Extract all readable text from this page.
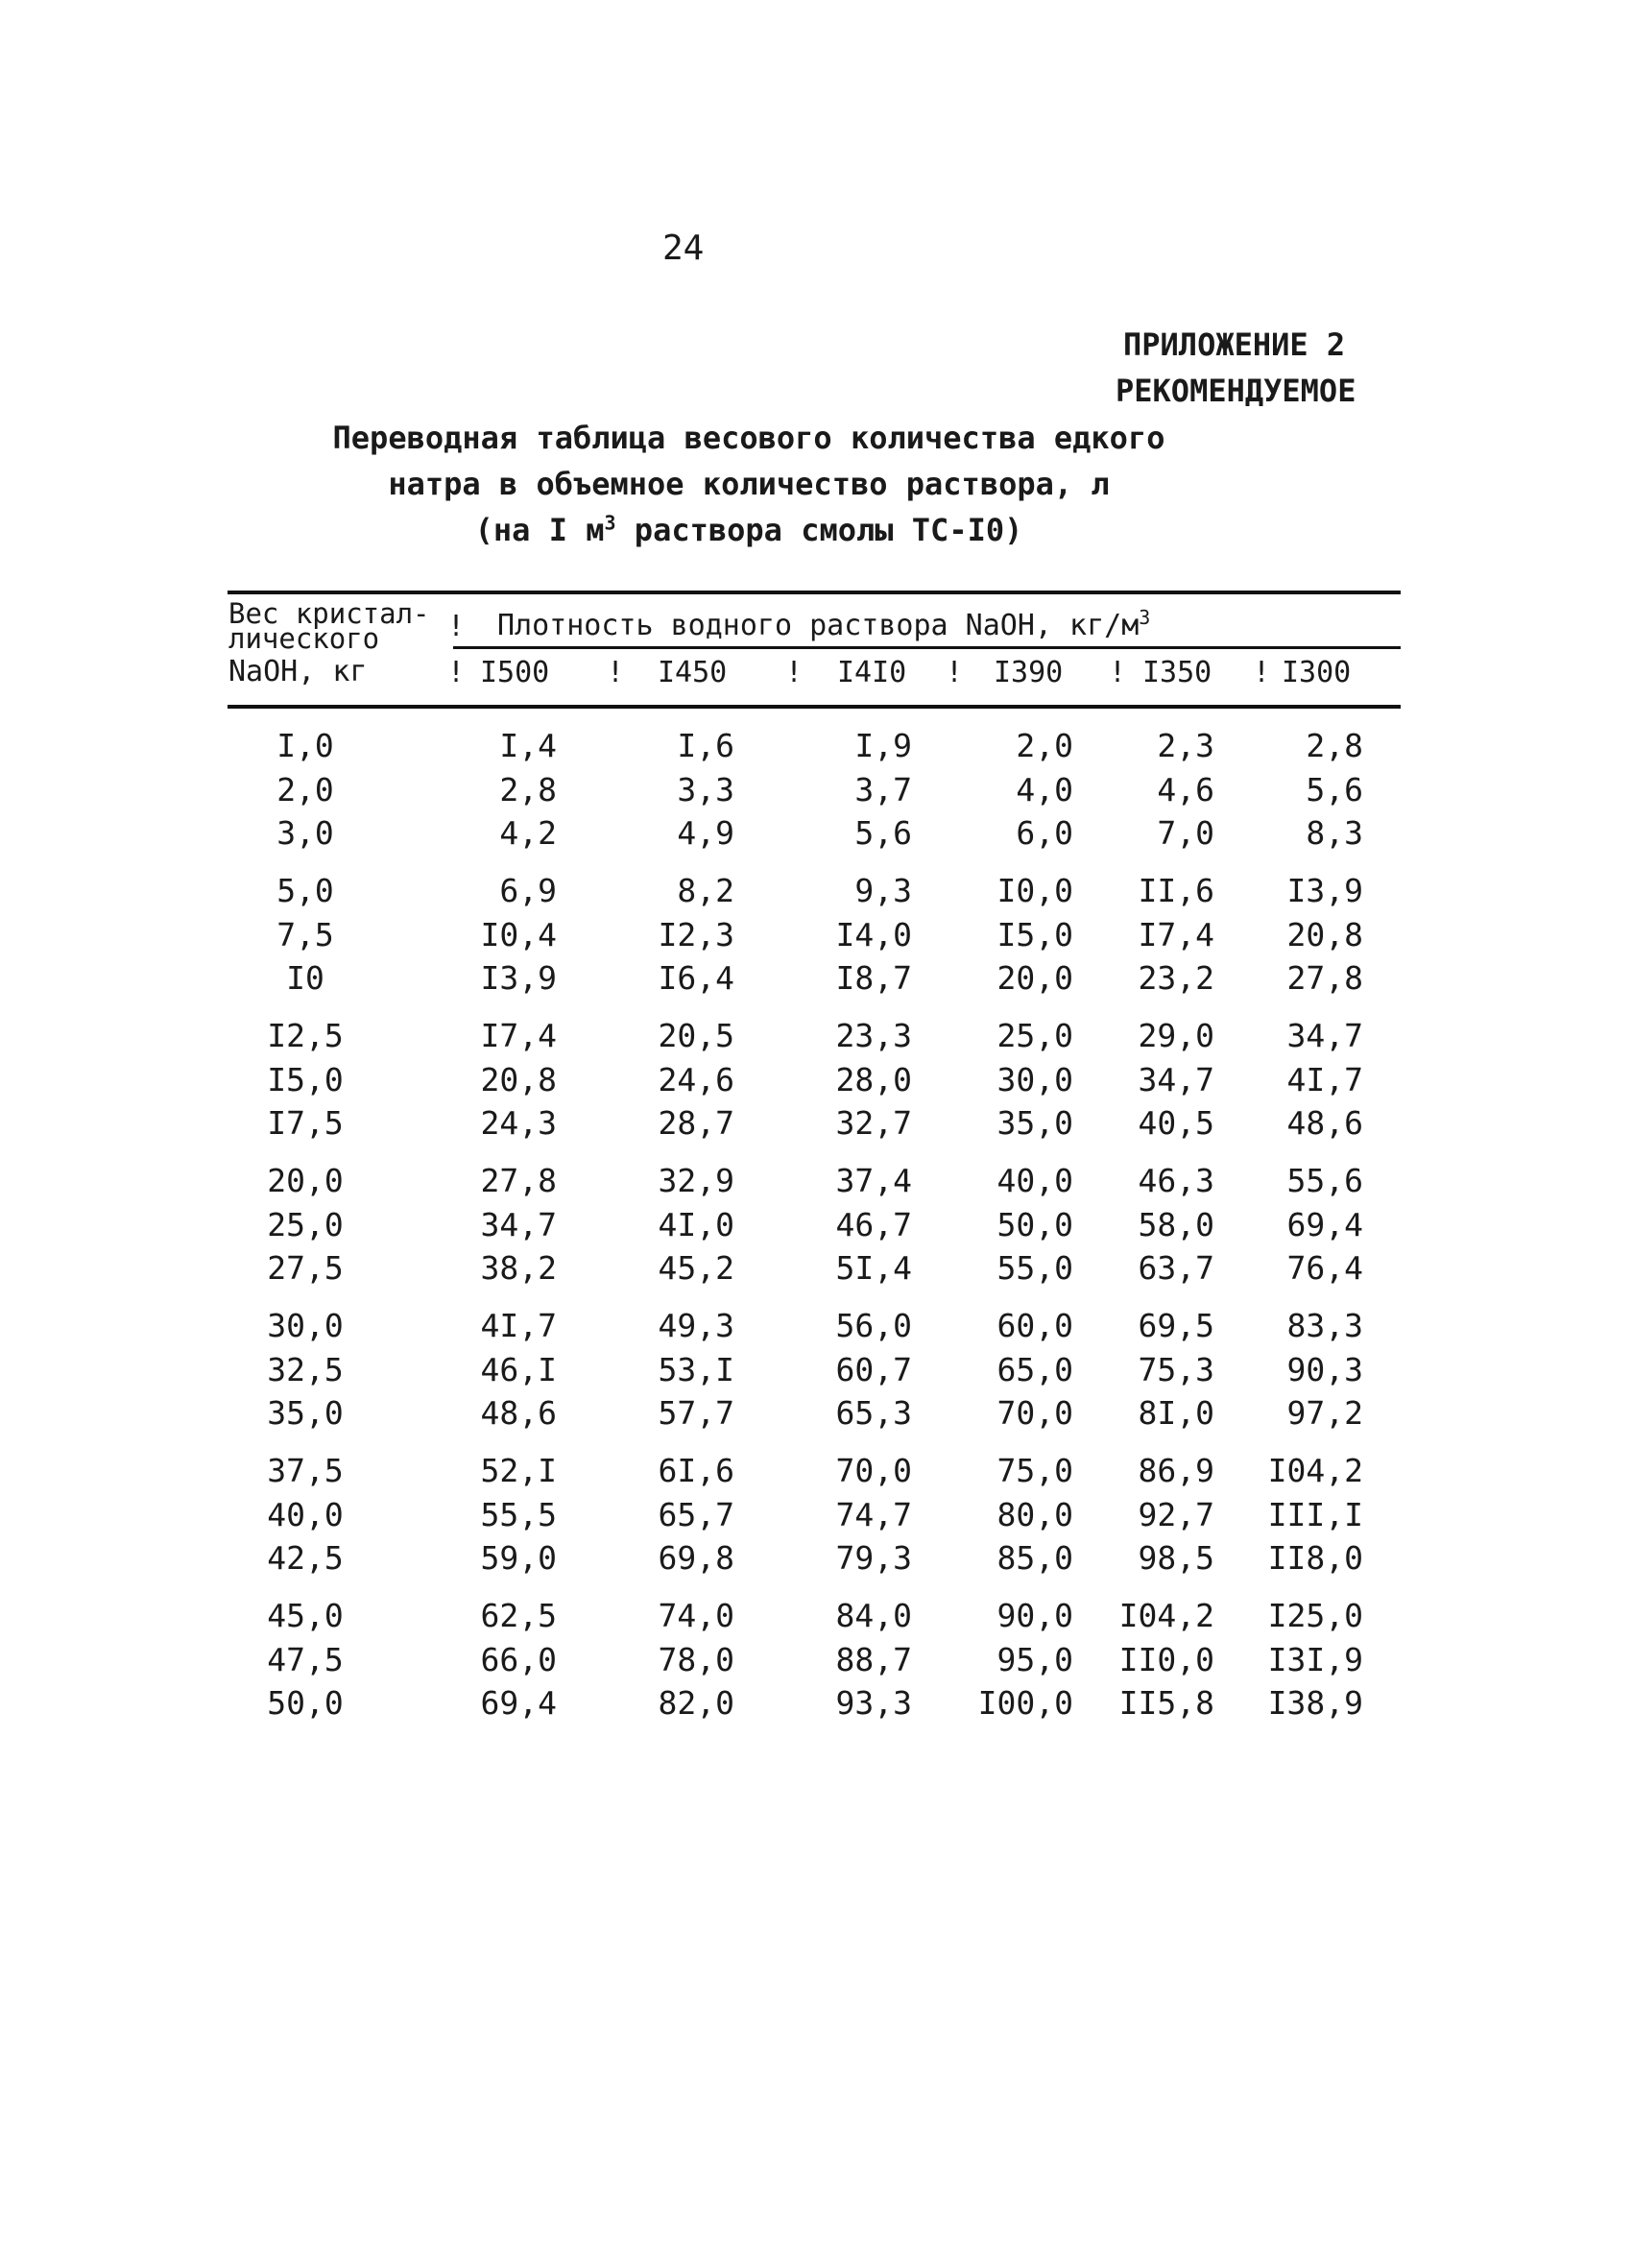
24
ПРИЛОЖЕНИЕ 2
РЕКОМЕНДУЕМОЕ
Переводная таблица весового количества едкого
натра в объемное количество раствора, л
(на I $м^3$ раствора смолы ТС-I0)
Вес кристал-
лического
NaOH, кг
! Плотность водного раствора NaOH, $кг/м^3$
! I500 ! I450 ! I4I0 ! I390 ! I350 ! I300
I,0	I,4	I,6	I,9	2,0	2,3	2,8
2,0	2,8	3,3	3,7	4,0	4,6	5,6
3,0	4,2	4,9	5,6	6,0	7,0	8,3
5,0	6,9	8,2	9,3	I0,0	II,6	I3,9
7,5	I0,4	I2,3	I4,0	I5,0	I7,4	20,8
I0	I3,9	I6,4	I8,7	20,0	23,2	27,8
I2,5	I7,4	20,5	23,3	25,0	29,0	34,7
I5,0	20,8	24,6	28,0	30,0	34,7	4I,7
I7,5	24,3	28,7	32,7	35,0	40,5	48,6
20,0	27,8	32,9	37,4	40,0	46,3	55,6
25,0	34,7	4I,0	46,7	50,0	58,0	69,4
27,5	38,2	45,2	5I,4	55,0	63,7	76,4
30,0	4I,7	49,3	56,0	60,0	69,5	83,3
32,5	46,I	53,I	60,7	65,0	75,3	90,3
35,0	48,6	57,7	65,3	70,0	8I,0	97,2
37,5	52,I	6I,6	70,0	75,0	86,9	I04,2
40,0	55,5	65,7	74,7	80,0	92,7	III,I
42,5	59,0	69,8	79,3	85,0	98,5	II8,0
45,0	62,5	74,0	84,0	90,0	I04,2	I25,0
47,5	66,0	78,0	88,7	95,0	II0,0	I3I,9
50,0	69,4	82,0	93,3	I00,0	II5,8	I38,9
